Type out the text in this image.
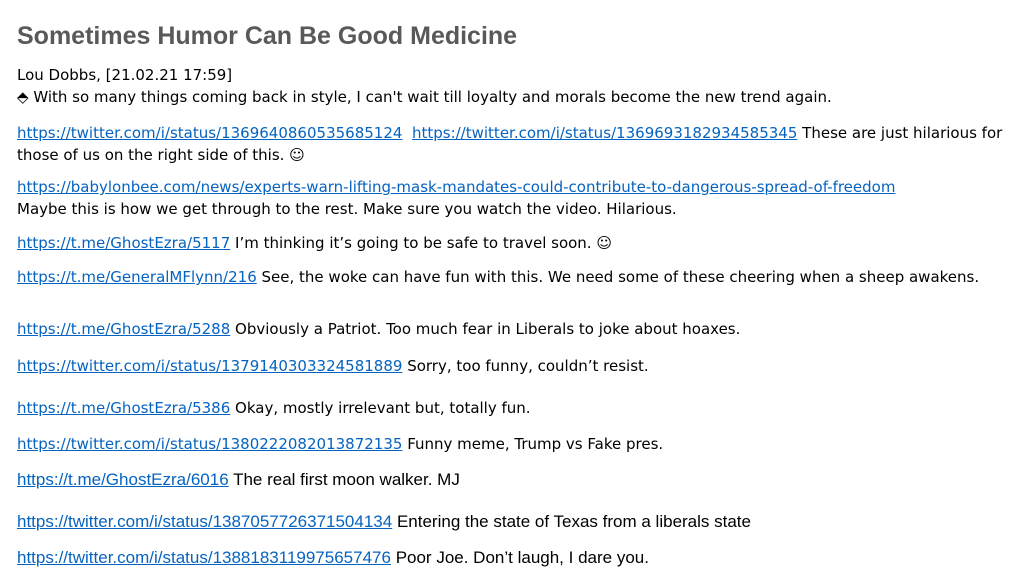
Sometimes Humor Can Be Good Medicine
Lou Dobbs, [21.02.21 17:59]
⬘ With so many things coming back in style, I can't wait till loyalty and morals become the new trend again.
https://twitter.com/i/status/1369640860535685124 https://twitter.com/i/status/1369693182934585345 These are just hilarious for those of us on the right side of this. ☺
https://babylonbee.com/news/experts-warn-lifting-mask-mandates-could-contribute-to-dangerous-spread-of-freedom
Maybe this is how we get through to the rest. Make sure you watch the video. Hilarious.
https://t.me/GhostEzra/5117 I’m thinking it’s going to be safe to travel soon. ☺
https://t.me/GeneralMFlynn/216 See, the woke can have fun with this. We need some of these cheering when a sheep awakens.
https://t.me/GhostEzra/5288 Obviously a Patriot. Too much fear in Liberals to joke about hoaxes.
https://twitter.com/i/status/1379140303324581889 Sorry, too funny, couldn’t resist.
https://t.me/GhostEzra/5386 Okay, mostly irrelevant but, totally fun.
https://twitter.com/i/status/1380222082013872135 Funny meme, Trump vs Fake pres.
https://t.me/GhostEzra/6016 The real first moon walker. MJ
https://twitter.com/i/status/1387057726371504134 Entering the state of Texas from a liberals state
https://twitter.com/i/status/1388183119975657476 Poor Joe. Don’t laugh, I dare you.
